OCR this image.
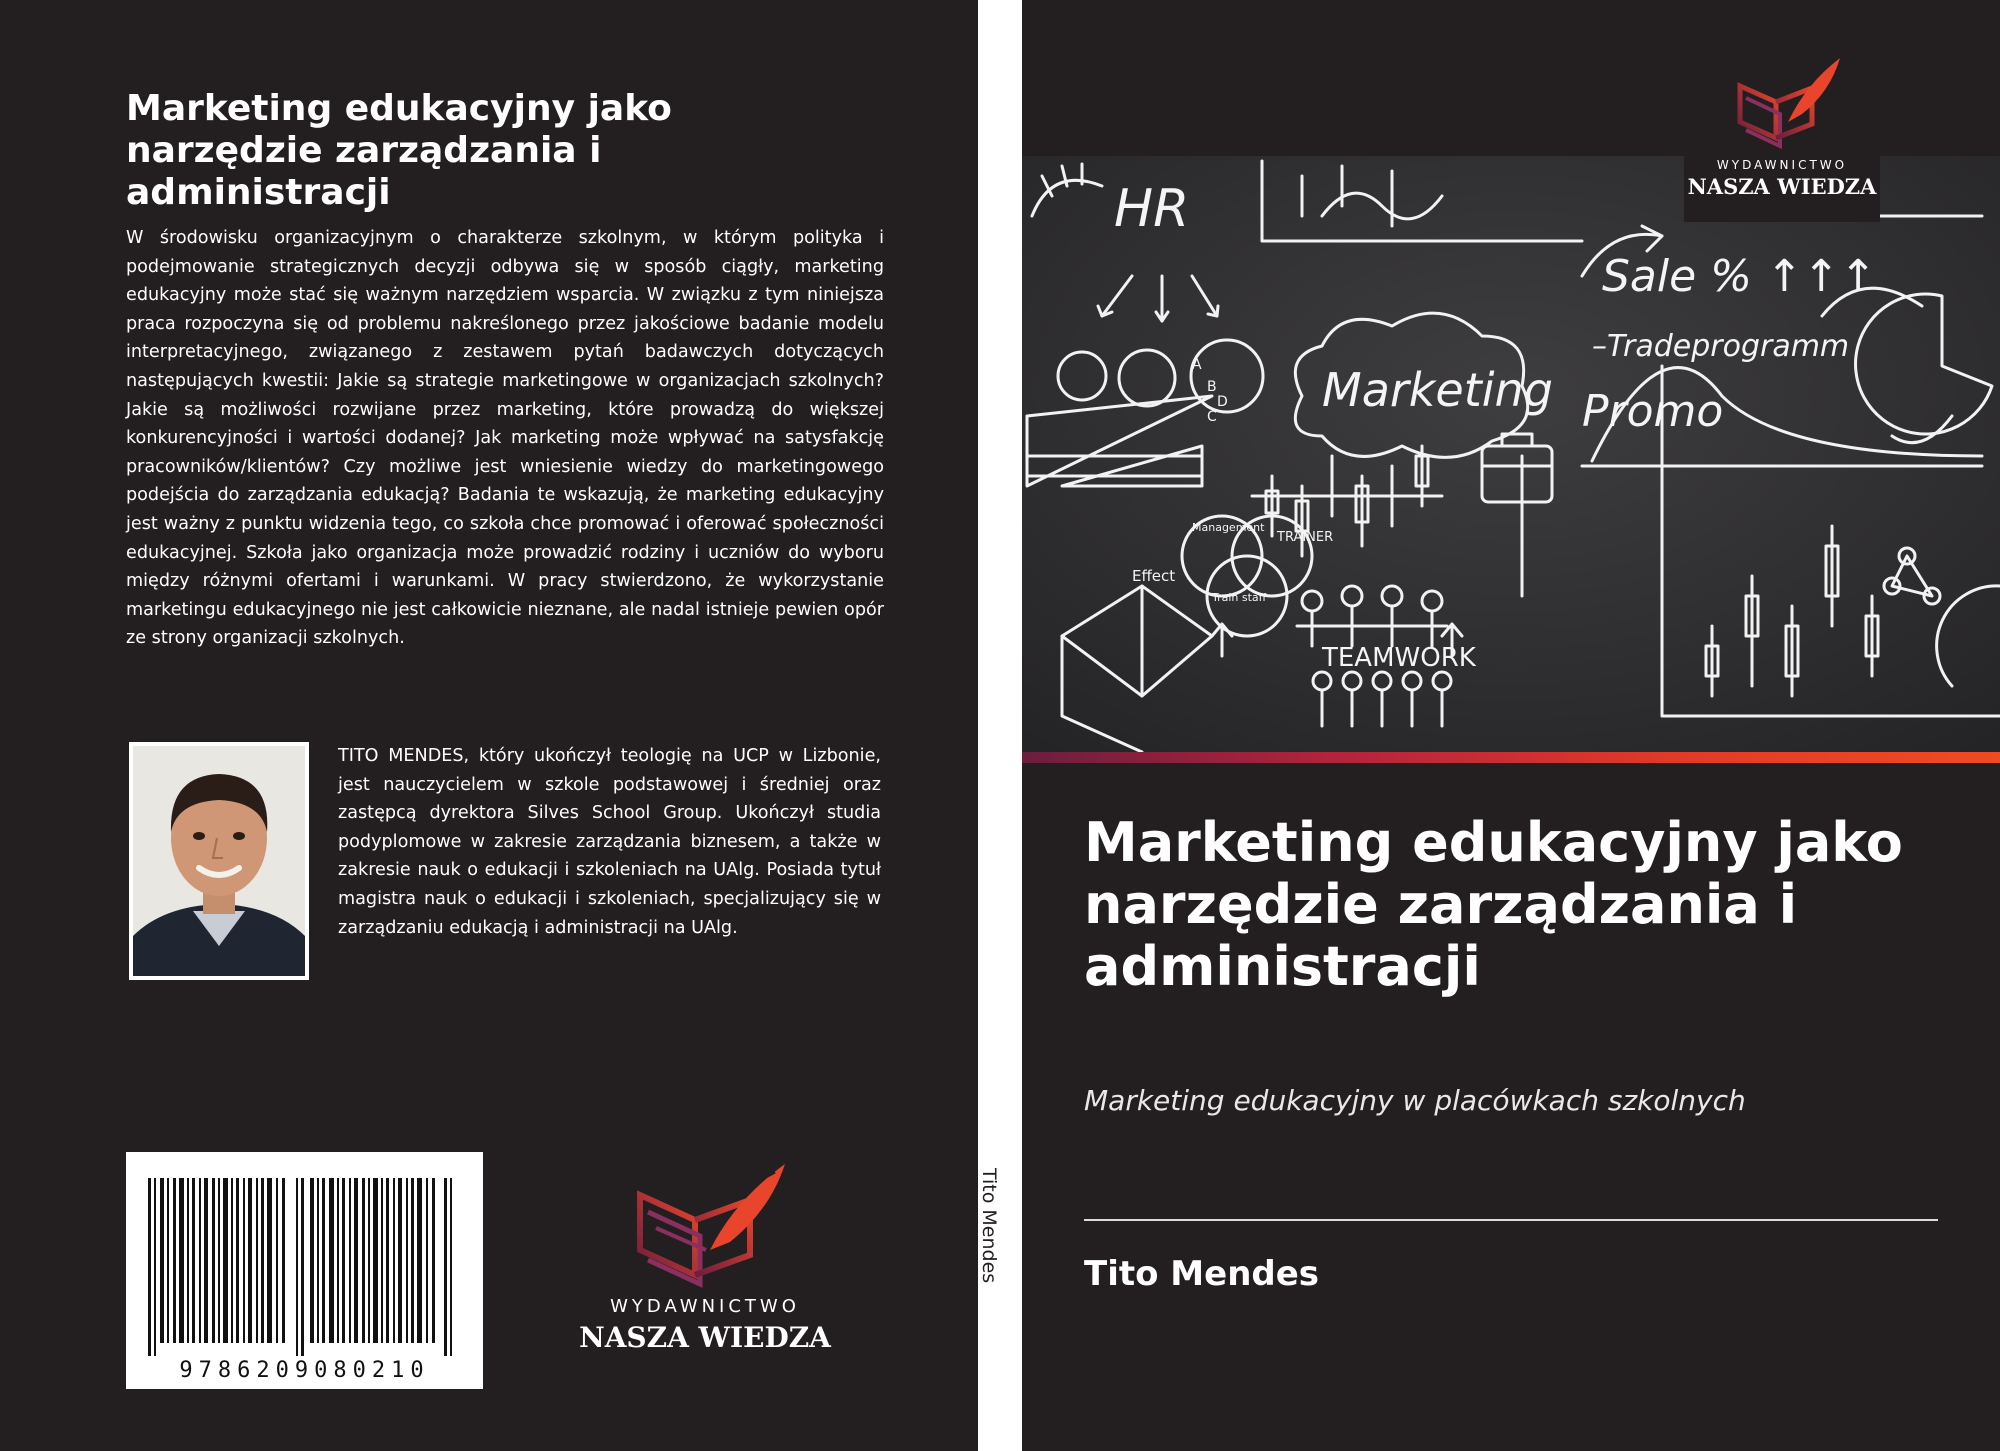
Marketing edukacyjny jako narzędzie zarządzania i administracji

W środowisku organizacyjnym o charakterze szkolnym, w którym polityka i podejmowanie strategicznych decyzji odbywa się w sposób ciągły, marketing edukacyjny może stać się ważnym narzędziem wsparcia. W związku z tym niniejsza praca rozpoczyna się od problemu nakreślonego przez jakościowe badanie modelu interpretacyjnego, związanego z zestawem pytań badawczych dotyczących następujących kwestii: Jakie są strategie marketingowe w organizacjach szkolnych? Jakie są możliwości rozwijane przez marketing, które prowadzą do większej konkurencyjności i wartości dodanej? Jak marketing może wpływać na satysfakcję pracowników/klientów? Czy możliwe jest wniesienie wiedzy do marketingowego podejścia do zarządzania edukacją? Badania te wskazują, że marketing edukacyjny jest ważny z punktu widzenia tego, co szkoła chce promować i oferować społeczności edukacyjnej. Szkoła jako organizacja może prowadzić rodziny i uczniów do wyboru między różnymi ofertami i warunkami. W pracy stwierdzono, że wykorzystanie marketingu edukacyjnego nie jest całkowicie nieznane, ale nadal istnieje pewien opór ze strony organizacji szkolnych.

TITO MENDES, który ukończył teologię na UCP w Lizbonie, jest nauczycielem w szkole podstawowej i średniej oraz zastępcą dyrektora Silves School Group. Ukończył studia podyplomowe w zakresie zarządzania biznesem, a także w zakresie nauk o edukacji i szkoleniach na UAlg. Posiada tytuł magistra nauk o edukacji i szkoleniach, specjalizujący się w zarządzaniu edukacją i administracji na UAlg.

9786209080210
WYDAWNICTWO
NASZA WIEDZA
Tito Mendes
HR
Marketing
Sale % ↑↑↑
–Tradeprogramm
Promo
Management
TRAINER
Effect
Train staff
TEAMWORK
A
B
C
D
WYDAWNICTWO
NASZA WIEDZA
Marketing edukacyjny jako narzędzie zarządzania i administracji

Marketing edukacyjny w placówkach szkolnych

Tito Mendes
